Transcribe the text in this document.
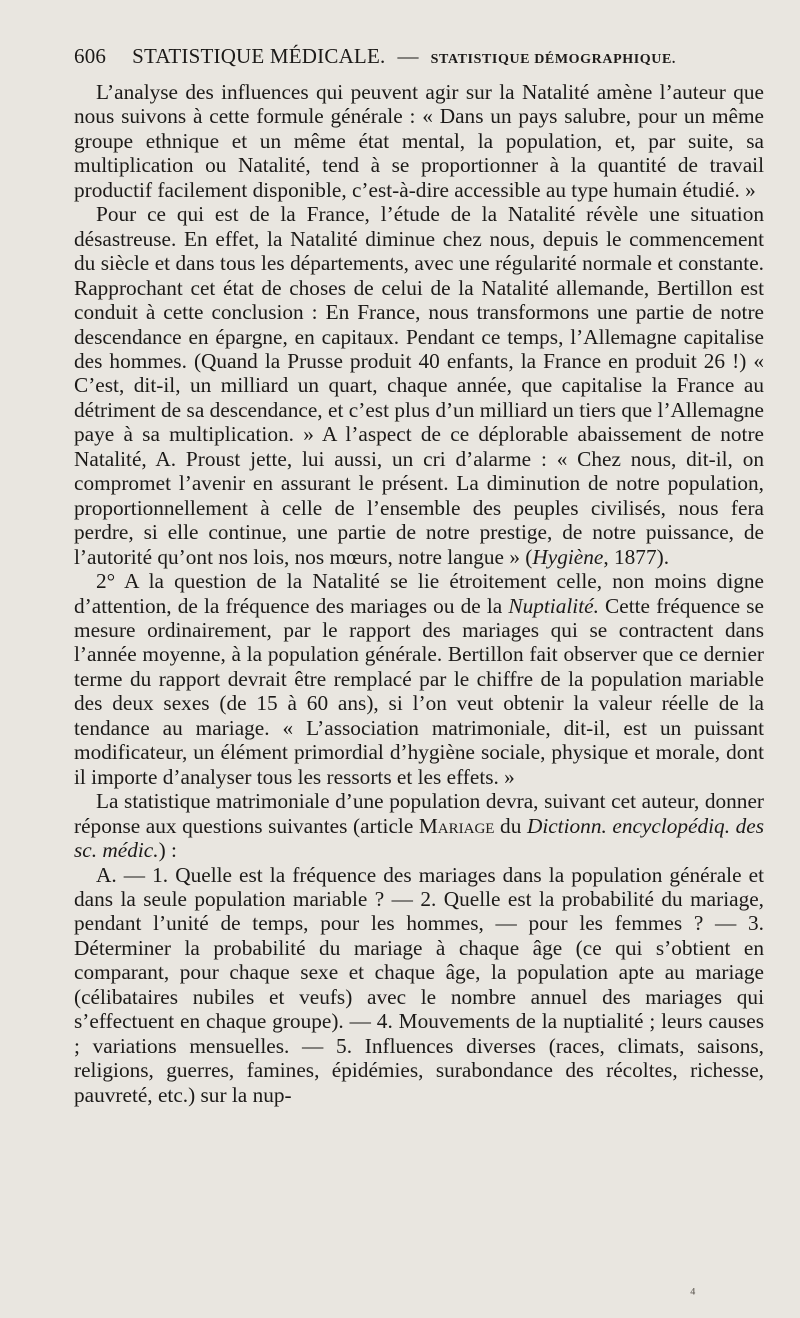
606 STATISTIQUE MÉDICALE. — STATISTIQUE DÉMOGRAPHIQUE.

L’analyse des influences qui peuvent agir sur la Natalité amène l’auteur que nous suivons à cette formule générale : « Dans un pays salubre, pour un même groupe ethnique et un même état mental, la population, et, par suite, sa multiplication ou Natalité, tend à se proportionner à la quantité de travail productif facilement disponible, c’est-à-dire accessible au type humain étudié. »

Pour ce qui est de la France, l’étude de la Natalité révèle une situation désastreuse. En effet, la Natalité diminue chez nous, depuis le commencement du siècle et dans tous les départements, avec une régularité normale et constante. Rapprochant cet état de choses de celui de la Natalité allemande, Bertillon est conduit à cette conclusion : En France, nous transformons une partie de notre descendance en épargne, en capitaux. Pendant ce temps, l’Allemagne capitalise des hommes. (Quand la Prusse produit 40 enfants, la France en produit 26 !) « C’est, dit-il, un milliard un quart, chaque année, que capitalise la France au détriment de sa descendance, et c’est plus d’un milliard un tiers que l’Allemagne paye à sa multiplication. » A l’aspect de ce déplorable abaissement de notre Natalité, A. Proust jette, lui aussi, un cri d’alarme : « Chez nous, dit-il, on compromet l’avenir en assurant le présent. La diminution de notre population, proportionnellement à celle de l’ensemble des peuples civilisés, nous fera perdre, si elle continue, une partie de notre prestige, de notre puissance, de l’autorité qu’ont nos lois, nos mœurs, notre langue » (Hygiène, 1877).

2° A la question de la Natalité se lie étroitement celle, non moins digne d’attention, de la fréquence des mariages ou de la Nuptialité. Cette fréquence se mesure ordinairement, par le rapport des mariages qui se contractent dans l’année moyenne, à la population générale. Bertillon fait observer que ce dernier terme du rapport devrait être remplacé par le chiffre de la population mariable des deux sexes (de 15 à 60 ans), si l’on veut obtenir la valeur réelle de la tendance au mariage. « L’association matrimoniale, dit-il, est un puissant modificateur, un élément primordial d’hygiène sociale, physique et morale, dont il importe d’analyser tous les ressorts et les effets. »

La statistique matrimoniale d’une population devra, suivant cet auteur, donner réponse aux questions suivantes (article Mariage du Dictionn. encyclopédiq. des sc. médic.) :

A. — 1. Quelle est la fréquence des mariages dans la population générale et dans la seule population mariable ? — 2. Quelle est la probabilité du mariage, pendant l’unité de temps, pour les hommes, — pour les femmes ? — 3. Déterminer la probabilité du mariage à chaque âge (ce qui s’obtient en comparant, pour chaque sexe et chaque âge, la population apte au mariage (célibataires nubiles et veufs) avec le nombre annuel des mariages qui s’effectuent en chaque groupe). — 4. Mouvements de la nuptialité ; leurs causes ; variations mensuelles. — 5. Influences diverses (races, climats, saisons, religions, guerres, famines, épidémies, surabondance des récoltes, richesse, pauvreté, etc.) sur la nup-

⁴
